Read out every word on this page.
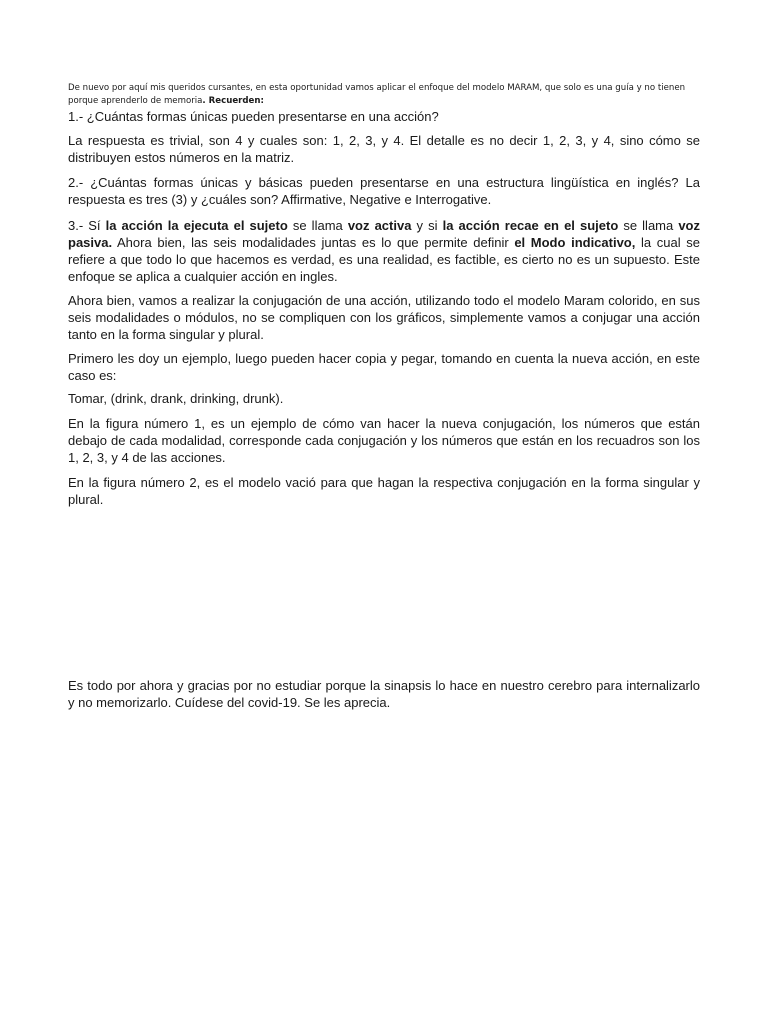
De nuevo por aquí mis queridos cursantes, en esta oportunidad vamos aplicar el enfoque del modelo MARAM, que solo es una guía y no tienen porque aprenderlo de memoria. Recuerden:

1.- ¿Cuántas formas únicas pueden presentarse en una acción?

La respuesta es trivial, son 4 y cuales son: 1, 2, 3, y 4. El detalle es no decir 1, 2, 3, y 4, sino cómo se distribuyen estos números en la matriz.

2.- ¿Cuántas formas únicas y básicas pueden presentarse en una estructura lingüística en inglés? La respuesta es tres (3) y ¿cuáles son? Affirmative, Negative e Interrogative.

3.- Sí la acción la ejecuta el sujeto se llama voz activa y si la acción recae en el sujeto se llama voz pasiva. Ahora bien, las seis modalidades juntas es lo que permite definir el Modo indicativo, la cual se refiere a que todo lo que hacemos es verdad, es una realidad, es factible, es cierto no es un supuesto. Este enfoque se aplica a cualquier acción en ingles.

Ahora bien, vamos a realizar la conjugación de una acción, utilizando todo el modelo Maram colorido, en sus seis modalidades o módulos, no se compliquen con los gráficos, simplemente vamos a conjugar una acción tanto en la forma singular y plural.

Primero les doy un ejemplo, luego pueden hacer copia y pegar, tomando en cuenta la nueva acción, en este caso es:

Tomar, (drink, drank, drinking, drunk).

En la figura número 1, es un ejemplo de cómo van hacer la nueva conjugación, los números que están debajo de cada modalidad, corresponde cada conjugación y los números que están en los recuadros son los 1, 2, 3, y 4 de las acciones.

En la figura número 2, es el modelo vació para que hagan la respectiva conjugación en la forma singular y plural.

Es todo por ahora y gracias por no estudiar porque la sinapsis lo hace en nuestro cerebro para internalizarlo y no memorizarlo. Cuídese del covid-19. Se les aprecia.
